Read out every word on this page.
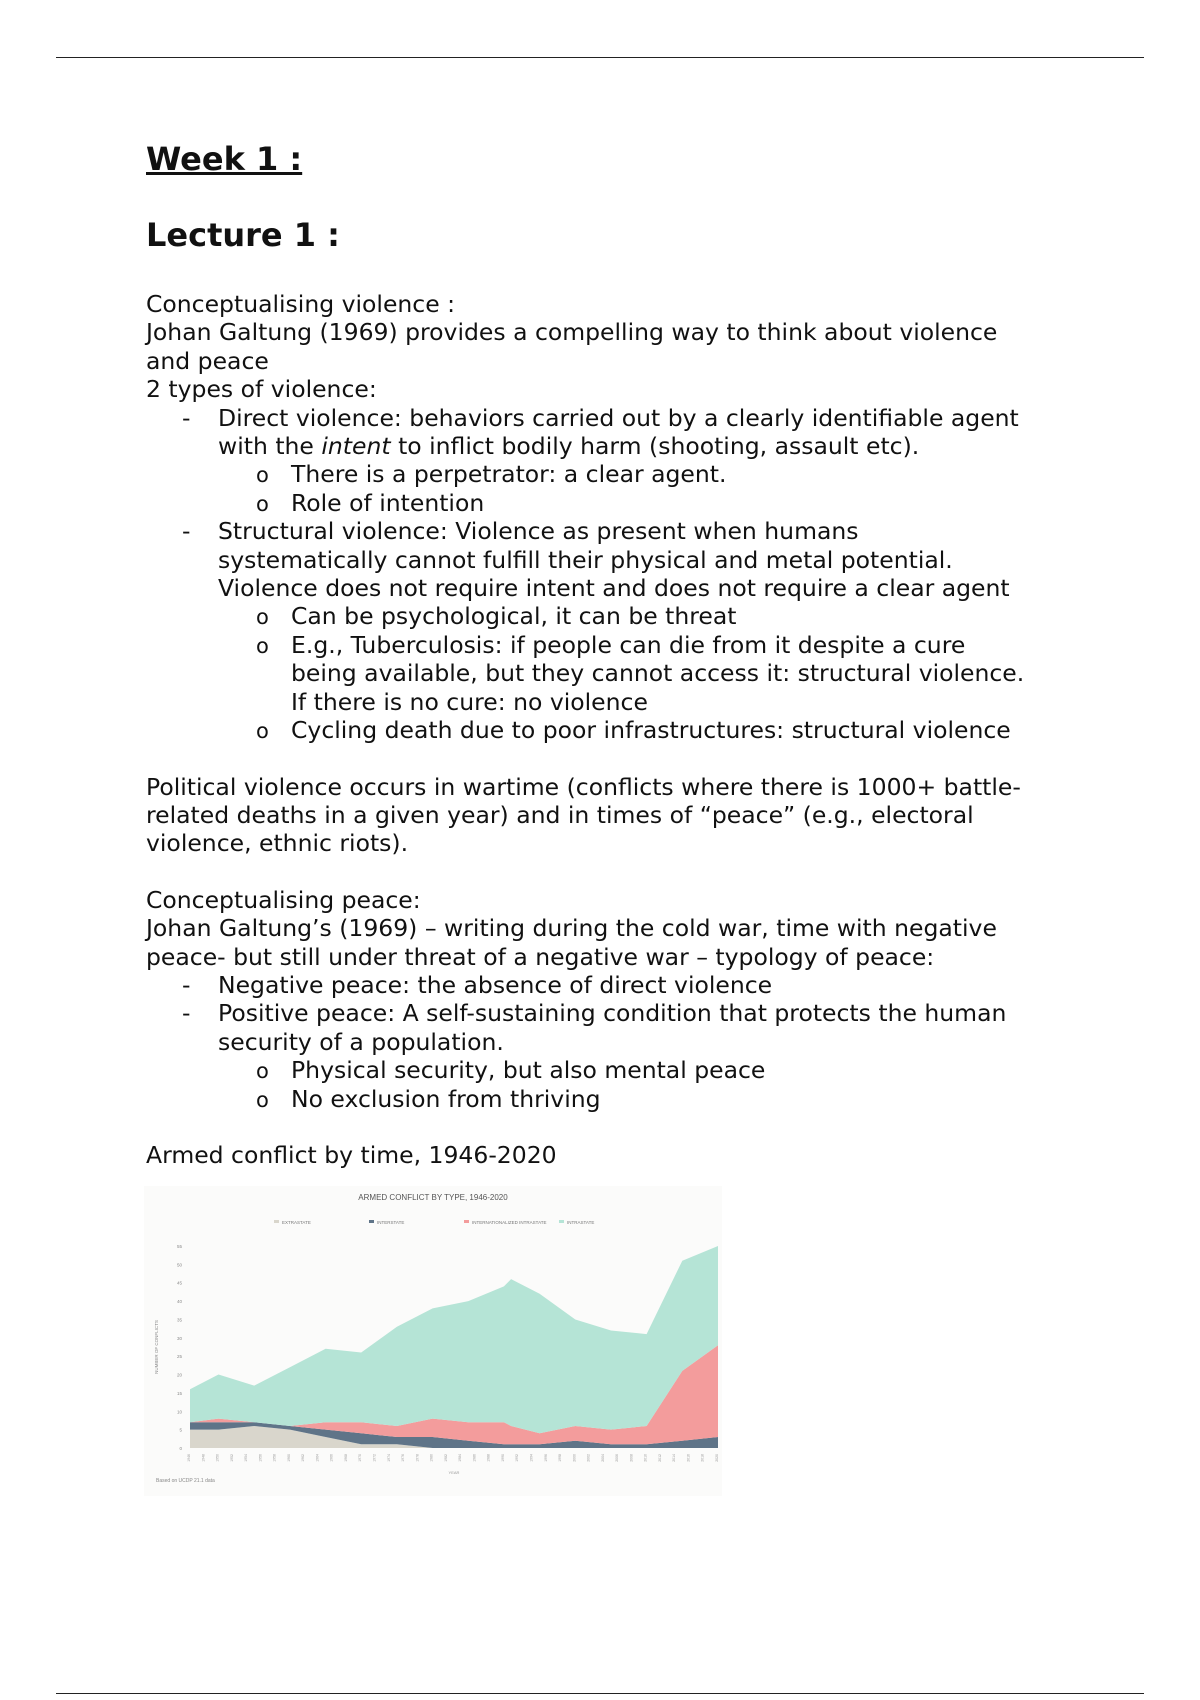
Week 1 :

Lecture 1 :

Conceptualising violence :

Johan Galtung (1969) provides a compelling way to think about violence

and peace

2 types of violence:

- Direct violence: behaviors carried out by a clearly identifiable agent
with the intent to inflict bodily harm (shooting, assault etc).
o There is a perpetrator: a clear agent.
o Role of intention
- Structural violence: Violence as present when humans
systematically cannot fulfill their physical and metal potential.
Violence does not require intent and does not require a clear agent
o Can be psychological, it can be threat
o E.g., Tuberculosis: if people can die from it despite a cure
being available, but they cannot access it: structural violence.
If there is no cure: no violence
o Cycling death due to poor infrastructures: structural violence

Political violence occurs in wartime (conflicts where there is 1000+ battle-

related deaths in a given year) and in times of “peace” (e.g., electoral

violence, ethnic riots).

Conceptualising peace:

Johan Galtung’s (1969) – writing during the cold war, time with negative

peace- but still under threat of a negative war – typology of peace:

- Negative peace: the absence of direct violence
- Positive peace: A self-sustaining condition that protects the human
security of a population.
o Physical security, but also mental peace
o No exclusion from thriving

Armed conflict by time, 1946-2020

ARMED CONFLICT BY TYPE, 1946-2020
EXTRASTATE	INTERSTATE	INTERNATIONALIZED INTRASTATE	INTRASTATE
0
5
10
15
20
25
30
35
40
45
50
55
NUMBER OF CONFLICTS
1946	1948	1950	1952	1954	1956	1958	1960	1962	1964	1966	1968	1970	1972	1974	1976	1978	1980	1982	1984	1986	1988	1990	1992	1994	1996	1998	2000	2002	2004	2006	2008	2010	2012	2014	2016	2018	2020
YEAR
Based on UCDP 21.1 data
